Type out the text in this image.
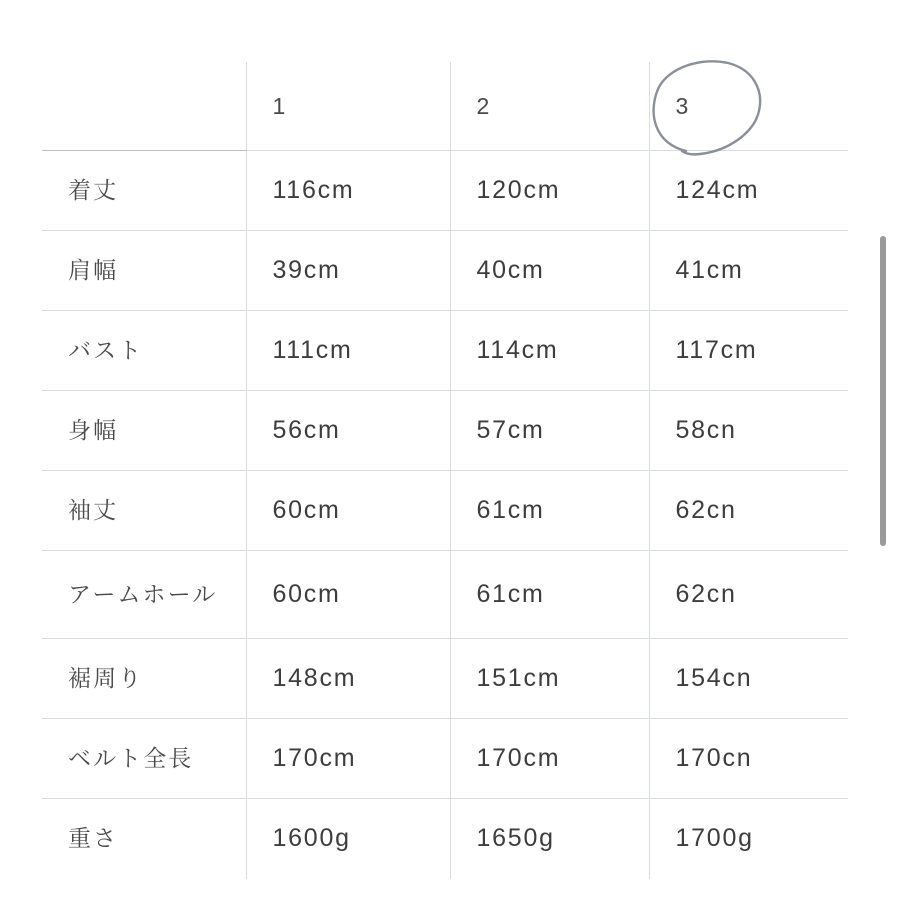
	1	2	3
着丈	116cm	120cm	124cm
肩幅	39cm	40cm	41cm
バスト	111cm	114cm	117cm
身幅	56cm	57cm	58cn
袖丈	60cm	61cm	62cn
アームホール	60cm	61cm	62cn
裾周り	148cm	151cm	154cn
ベルト全長	170cm	170cm	170cn
重さ	1600g	1650g	1700g
